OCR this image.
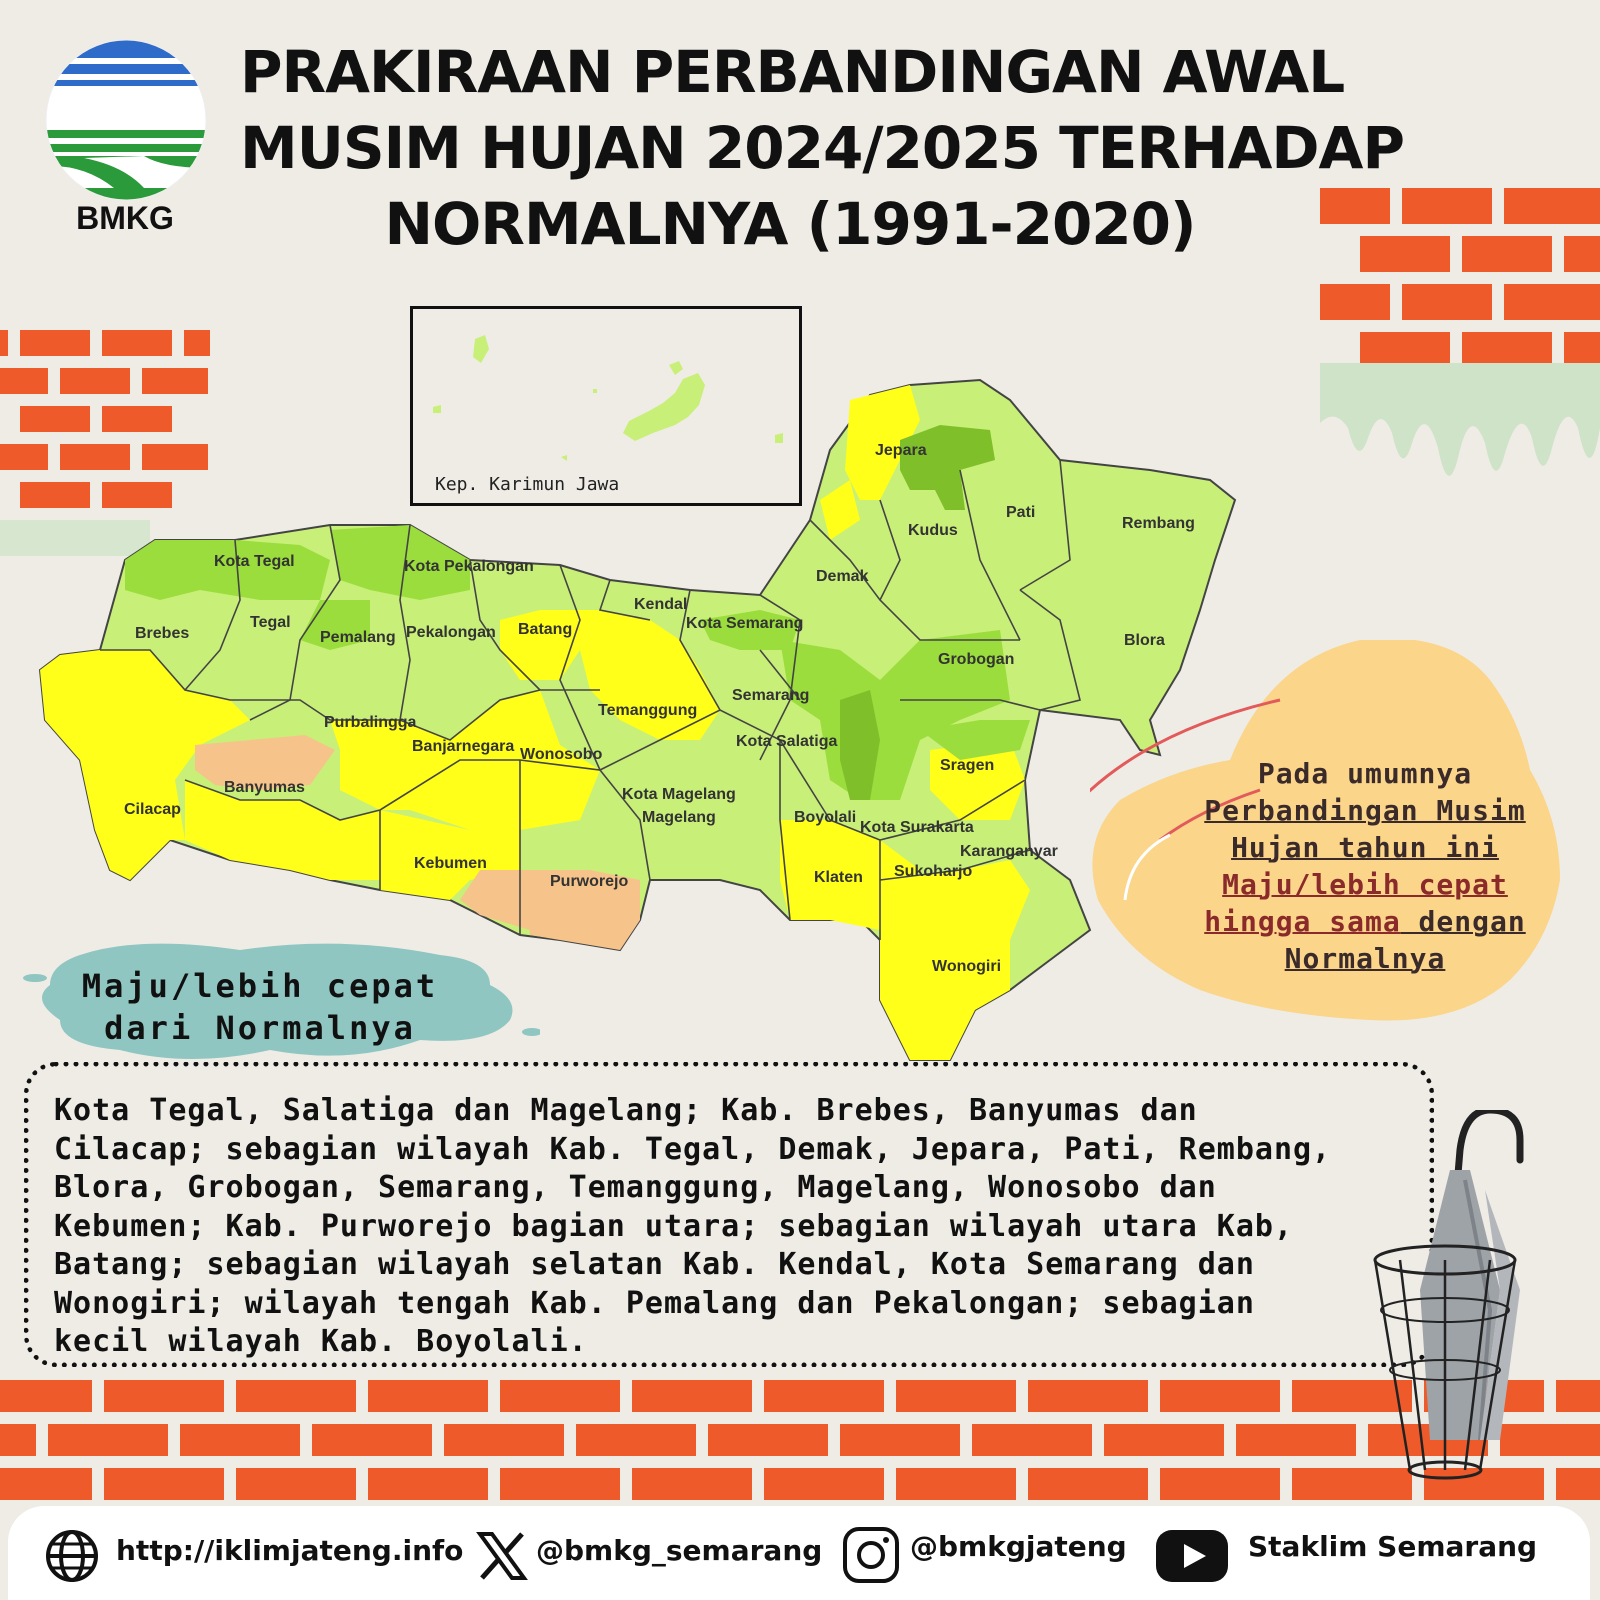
BMKG
PRAKIRAAN PERBANDINGAN AWAL
MUSIM HUJAN 2024/2025 TERHADAP
NORMALNYA (1991-2020)
Kep. Karimun Jawa
Jepara
Kudus
Pati
Rembang
Kota Tegal	Kota Pekalongan
Demak
Kendal
Kota Semarang
Brebes
Tegal
Pemalang Pekalongan Batang
Grobogan
Blora
Semarang
Temanggung
Purbalingga
Banjarnegara Wonosobo
Kota Salatiga
Sragen
Banyumas	Kota Magelang
Magelang
Cilacap	Boyolali
Kota Surakarta
Karanganyar
Kebumen
Klaten Sukoharjo
Purworejo
Wonogiri
Pada umumnya
Perbandingan Musim
Hujan tahun ini
Maju/lebih cepat
hingga sama dengan
Normalnya
Maju/lebih cepat
dari Normalnya
Kota Tegal, Salatiga dan Magelang; Kab. Brebes, Banyumas dan
Cilacap; sebagian wilayah Kab. Tegal, Demak, Jepara, Pati, Rembang,
Blora, Grobogan, Semarang, Temanggung, Magelang, Wonosobo dan
Kebumen; Kab. Purworejo bagian utara; sebagian wilayah utara Kab,
Batang; sebagian wilayah selatan Kab. Kendal, Kota Semarang dan
Wonogiri; wilayah tengah Kab. Pemalang dan Pekalongan; sebagian
kecil wilayah Kab. Boyolali.
http://iklimjateng.info	@bmkg_semarang	@bmkgjateng	Staklim Semarang
